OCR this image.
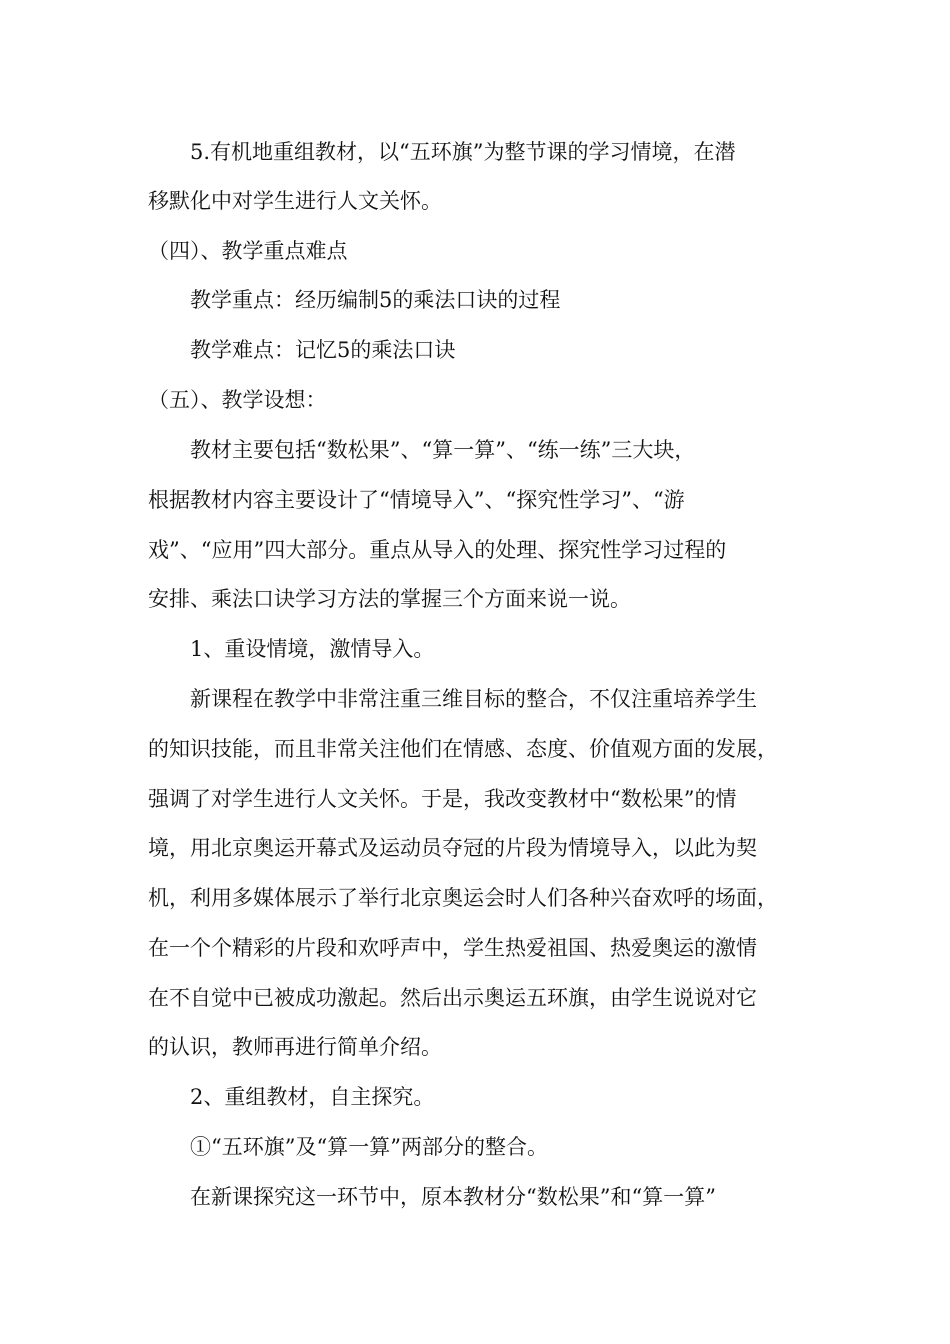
5.有机地重组教材，以“五环旗”为整节课的学习情境，在潜
移默化中对学生进行人文关怀。
（四）、教学重点难点
教学重点：经历编制5的乘法口诀的过程
教学难点：记忆5的乘法口诀
（五）、教学设想：
教材主要包括“数松果”、“算一算”、“练一练”三大块，
根据教材内容主要设计了“情境导入”、“探究性学习”、“游
戏”、“应用”四大部分。重点从导入的处理、探究性学习过程的
安排、乘法口诀学习方法的掌握三个方面来说一说。
1、重设情境，激情导入。
新课程在教学中非常注重三维目标的整合，不仅注重培养学生
的知识技能，而且非常关注他们在情感、态度、价值观方面的发展，
强调了对学生进行人文关怀。于是，我改变教材中“数松果”的情
境，用北京奥运开幕式及运动员夺冠的片段为情境导入，以此为契
机，利用多媒体展示了举行北京奥运会时人们各种兴奋欢呼的场面，
在一个个精彩的片段和欢呼声中，学生热爱祖国、热爱奥运的激情
在不自觉中已被成功激起。然后出示奥运五环旗，由学生说说对它
的认识，教师再进行简单介绍。
2、重组教材，自主探究。
①“五环旗”及“算一算”两部分的整合。
在新课探究这一环节中，原本教材分“数松果”和“算一算”
